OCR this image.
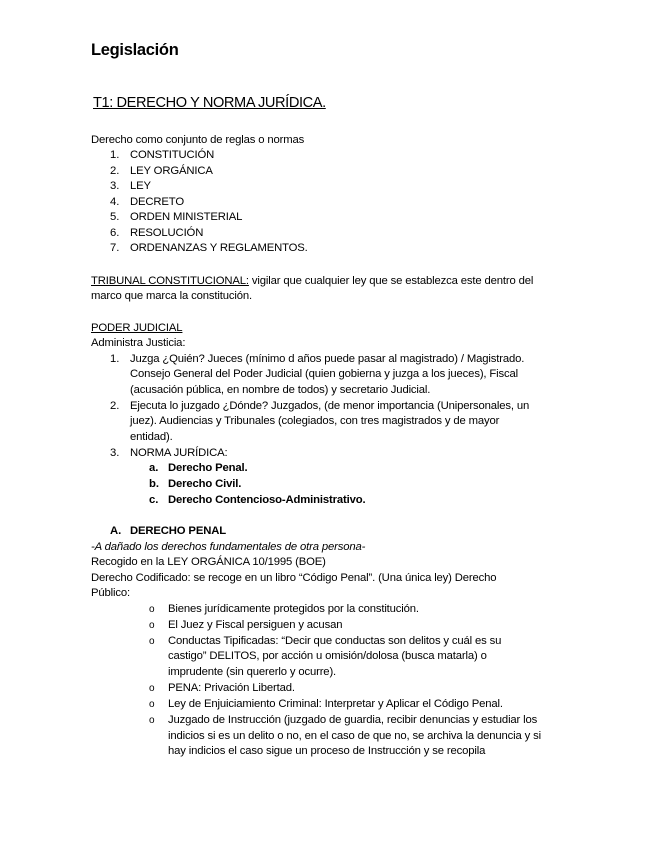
Legislación
T1: DERECHO Y NORMA JURÍDICA.
Derecho como conjunto de reglas o normas
1. CONSTITUCIÓN
2. LEY ORGÁNICA
3. LEY
4. DECRETO
5. ORDEN MINISTERIAL
6. RESOLUCIÓN
7. ORDENANZAS Y REGLAMENTOS.
TRIBUNAL CONSTITUCIONAL: vigilar que cualquier ley que se establezca este dentro del
marco que marca la constitución.
PODER JUDICIAL
Administra Justicia:
1. Juzga ¿Quién? Jueces (mínimo d años puede pasar al magistrado) / Magistrado.
Consejo General del Poder Judicial (quien gobierna y juzga a los jueces), Fiscal
(acusación pública, en nombre de todos) y secretario Judicial.
2. Ejecuta lo juzgado ¿Dónde? Juzgados, (de menor importancia (Unipersonales, un
juez). Audiencias y Tribunales (colegiados, con tres magistrados y de mayor
entidad).
3. NORMA JURÍDICA:
a. Derecho Penal.
b. Derecho Civil.
c. Derecho Contencioso-Administrativo.
A. DERECHO PENAL
-A dañado los derechos fundamentales de otra persona-
Recogido en la LEY ORGÁNICA 10/1995 (BOE)
Derecho Codificado: se recoge en un libro “Código Penal”. (Una única ley) Derecho
Público:
o Bienes jurídicamente protegidos por la constitución.
o El Juez y Fiscal persiguen y acusan
o Conductas Tipificadas: “Decir que conductas son delitos y cuál es su
castigo” DELITOS, por acción u omisión/dolosa (busca matarla) o
imprudente (sin quererlo y ocurre).
o PENA: Privación Libertad.
o Ley de Enjuiciamiento Criminal: Interpretar y Aplicar el Código Penal.
o Juzgado de Instrucción (juzgado de guardia, recibir denuncias y estudiar los
indicios si es un delito o no, en el caso de que no, se archiva la denuncia y si
hay indicios el caso sigue un proceso de Instrucción y se recopila
